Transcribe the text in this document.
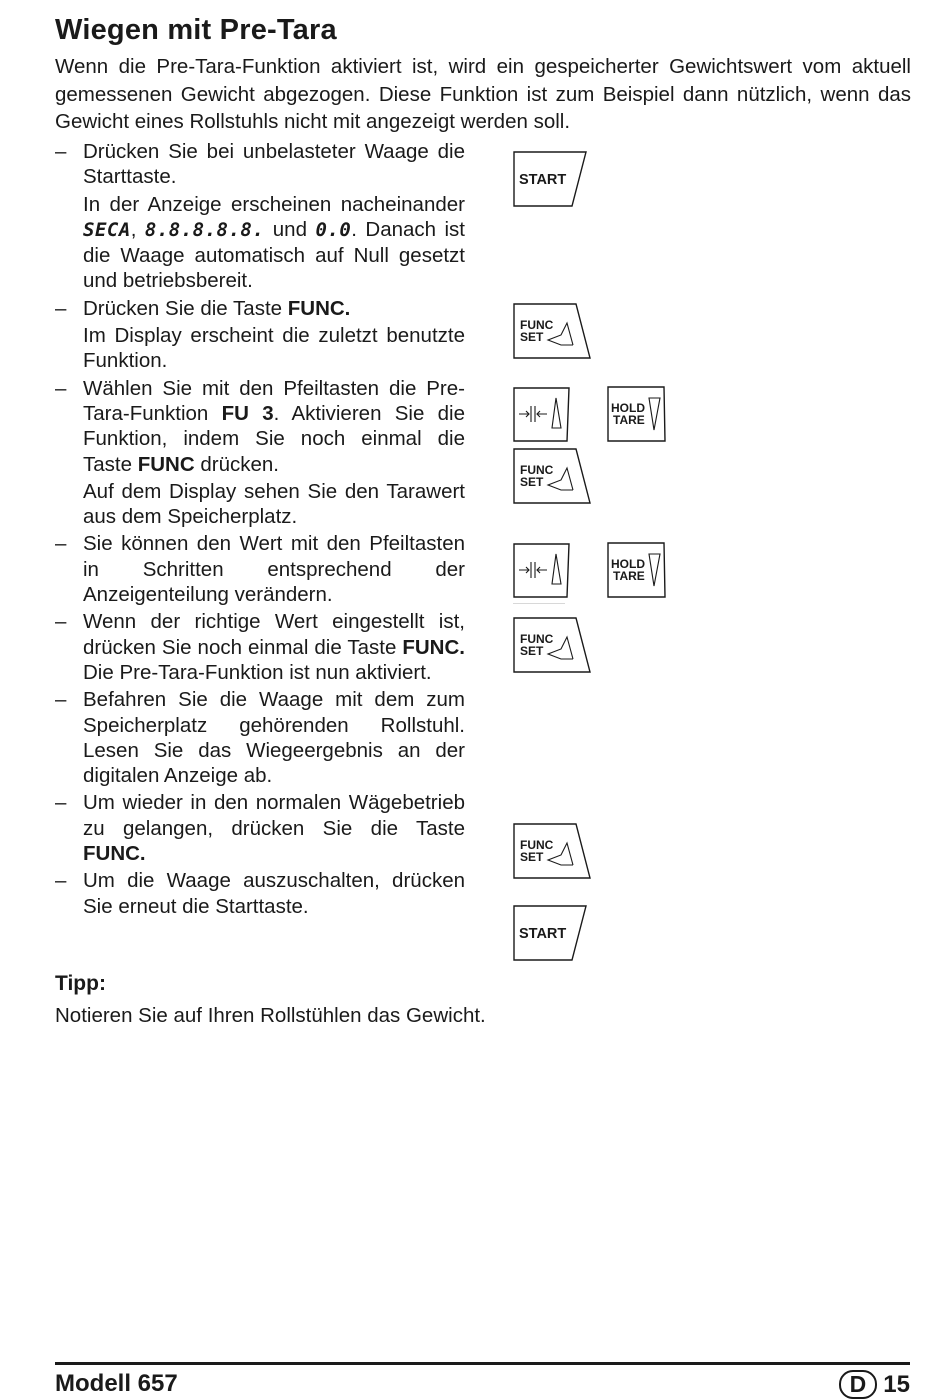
Wiegen mit Pre-Tara

Wenn die Pre-Tara-Funktion aktiviert ist, wird ein gespeicherter Gewichtswert vom aktuell gemessenen Gewicht abgezogen. Diese Funktion ist zum Beispiel dann nützlich, wenn das Gewicht eines Rollstuhls nicht mit angezeigt werden soll.

– Drücken Sie bei unbelasteter Waage die Starttaste.

In der Anzeige erscheinen nacheinander SECA, 8.8.8.8.8. und 0.0. Danach ist die Waage automatisch auf Null gesetzt und betriebsbereit.

– Drücken Sie die Taste FUNC.

Im Display erscheint die zuletzt benutzte Funktion.

– Wählen Sie mit den Pfeiltasten die Pre-Tara-Funktion FU 3. Aktivieren Sie die Funktion, indem Sie noch einmal die Taste FUNC drücken.

Auf dem Display sehen Sie den Tarawert aus dem Speicherplatz.

– Sie können den Wert mit den Pfeiltasten in Schritten entsprechend der Anzeigenteilung verändern.

– Wenn der richtige Wert eingestellt ist, drücken Sie noch einmal die Taste FUNC. Die Pre-Tara-Funktion ist nun aktiviert.

– Befahren Sie die Waage mit dem zum Speicherplatz gehörenden Rollstuhl. Lesen Sie das Wiegeergebnis an der digitalen Anzeige ab.

– Um wieder in den normalen Wägebetrieb zu gelangen, drücken Sie die Taste FUNC.

– Um die Waage auszuschalten, drücken Sie erneut die Starttaste.

START
FUNC
SET
HOLD
TARE
FUNC
SET
HOLD
TARE
FUNC
SET
FUNC
SET
START
Tipp:
Notieren Sie auf Ihren Rollstühlen das Gewicht.
Modell 657	D 15
